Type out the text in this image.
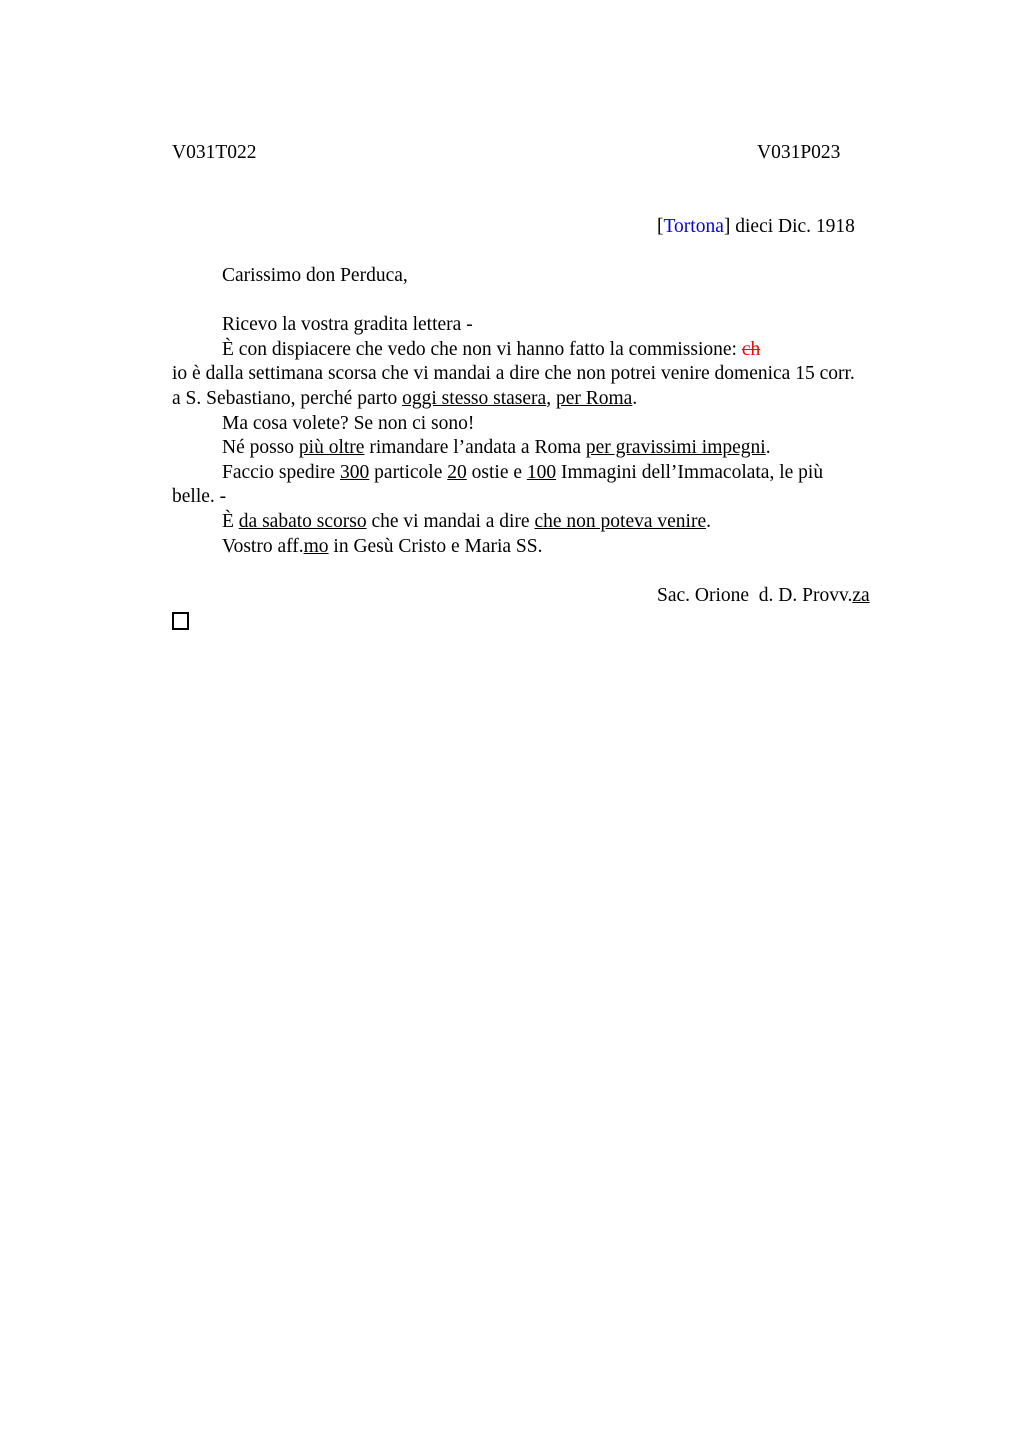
V031T022	V031P023
[Tortona] dieci Dic. 1918
Carissimo don Perduca,
Ricevo la vostra gradita lettera -
È con dispiacere che vedo che non vi hanno fatto la commissione: ch
io è dalla settimana scorsa che vi mandai a dire che non potrei venire domenica 15 corr.
a S. Sebastiano, perché parto oggi stesso stasera, per Roma.
Ma cosa volete? Se non ci sono!
Né posso più oltre rimandare l’andata a Roma per gravissimi impegni.
Faccio spedire 300 particole 20 ostie e 100 Immagini dell’Immacolata, le più
belle. -
È da sabato scorso che vi mandai a dire che non poteva venire.
Vostro aff.mo in Gesù Cristo e Maria SS.
Sac. Orione  d. D. Provv.za
